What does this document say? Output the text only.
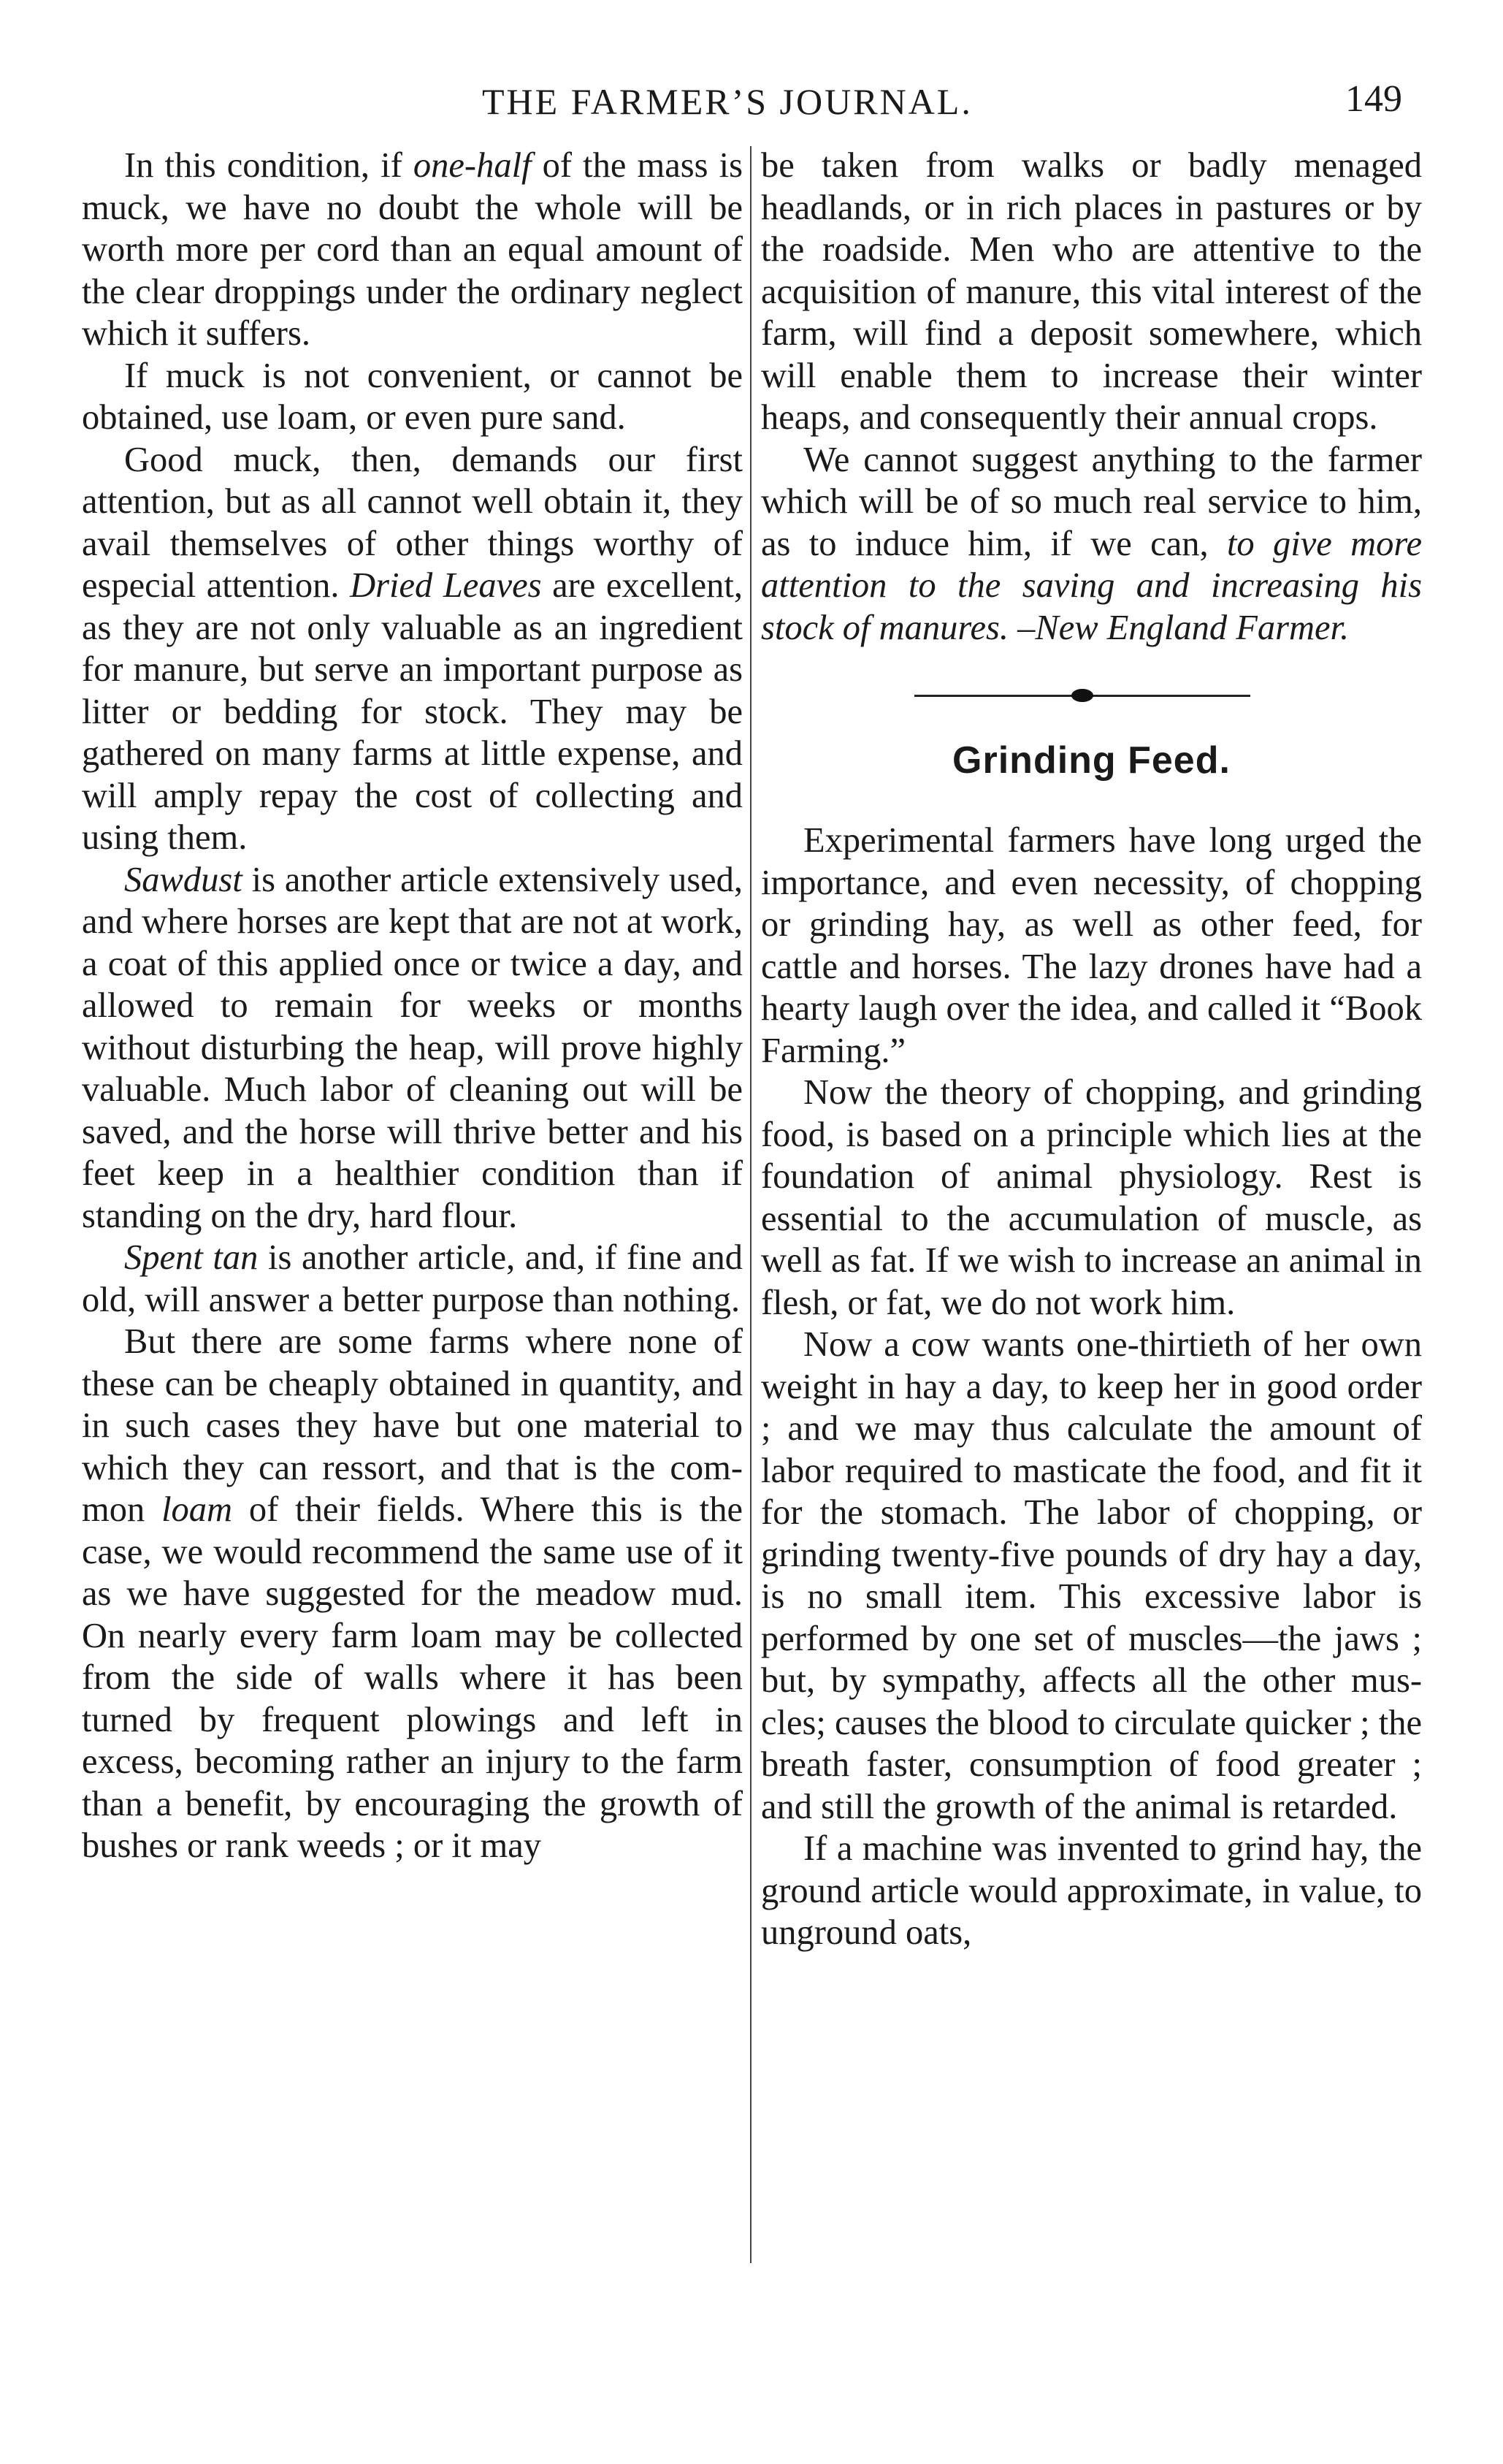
THE FARMER’S JOURNAL.	149

In this condition, if one-half of the mass is muck, we have no doubt the whole will be worth more per cord than an equal amount of the clear droppings under the ordinary neglect which it suffers.

If muck is not convenient, or cannot be obtained, use loam, or even pure sand.

Good muck, then, demands our first attention, but as all cannot well obtain it, they avail themselves of other things worthy of especial attention. Dried Leaves are excellent, as they are not only valuable as an ingredient for manure, but serve an important purpose as litter or bedding for stock. They may be gathered on many farms at little expense, and will amply repay the cost of collecting and using them.

Sawdust is another article extensively used, and where horses are kept that are not at work, a coat of this applied once or twice a day, and allowed to remain for weeks or months without disturbing the heap, will prove highly valuable. Much labor of cleaning out will be saved, and the horse will thrive better and his feet keep in a healthier condition than if standing on the dry, hard flour.

Spent tan is another article, and, if fine and old, will answer a better purpose than nothing.

But there are some farms where none of these can be cheaply obtained in quantity, and in such cases they have but one material to which they can ressort, and that is the common loam of their fields. Where this is the case, we would recommend the same use of it as we have suggested for the meadow mud. On nearly every farm loam may be collected from the side of walls where it has been turned by frequent plowings and left in excess, becoming rather an injury to the farm than a benefit, by encouraging the growth of bushes or rank weeds ; or it may

be taken from walks or badly menaged headlands, or in rich places in pastures or by the roadside. Men who are attentive to the acquisition of manure, this vital interest of the farm, will find a deposit somewhere, which will enable them to increase their winter heaps, and consequently their annual crops.

We cannot suggest anything to the farmer which will be of so much real service to him, as to induce him, if we can, to give more attention to the saving and increasing his stock of manures. –New England Farmer.

Grinding Feed.

Experimental farmers have long urged the importance, and even necessity, of chopping or grinding hay, as well as other feed, for cattle and horses. The lazy drones have had a hearty laugh over the idea, and called it “Book Farming.”

Now the theory of chopping, and grinding food, is based on a principle which lies at the foundation of animal physiology. Rest is essential to the accumulation of muscle, as well as fat. If we wish to increase an animal in flesh, or fat, we do not work him.

Now a cow wants one-thirtieth of her own weight in hay a day, to keep her in good order ; and we may thus calculate the amount of labor required to masticate the food, and fit it for the stomach. The labor of chopping, or grinding twenty-five pounds of dry hay a day, is no small item. This excessive labor is performed by one set of muscles—the jaws ; but, by sympathy, affects all the other muscles; causes the blood to circulate quicker ; the breath faster, consumption of food greater ; and still the growth of the animal is retarded.

If a machine was invented to grind hay, the ground article would approximate, in value, to unground oats,
